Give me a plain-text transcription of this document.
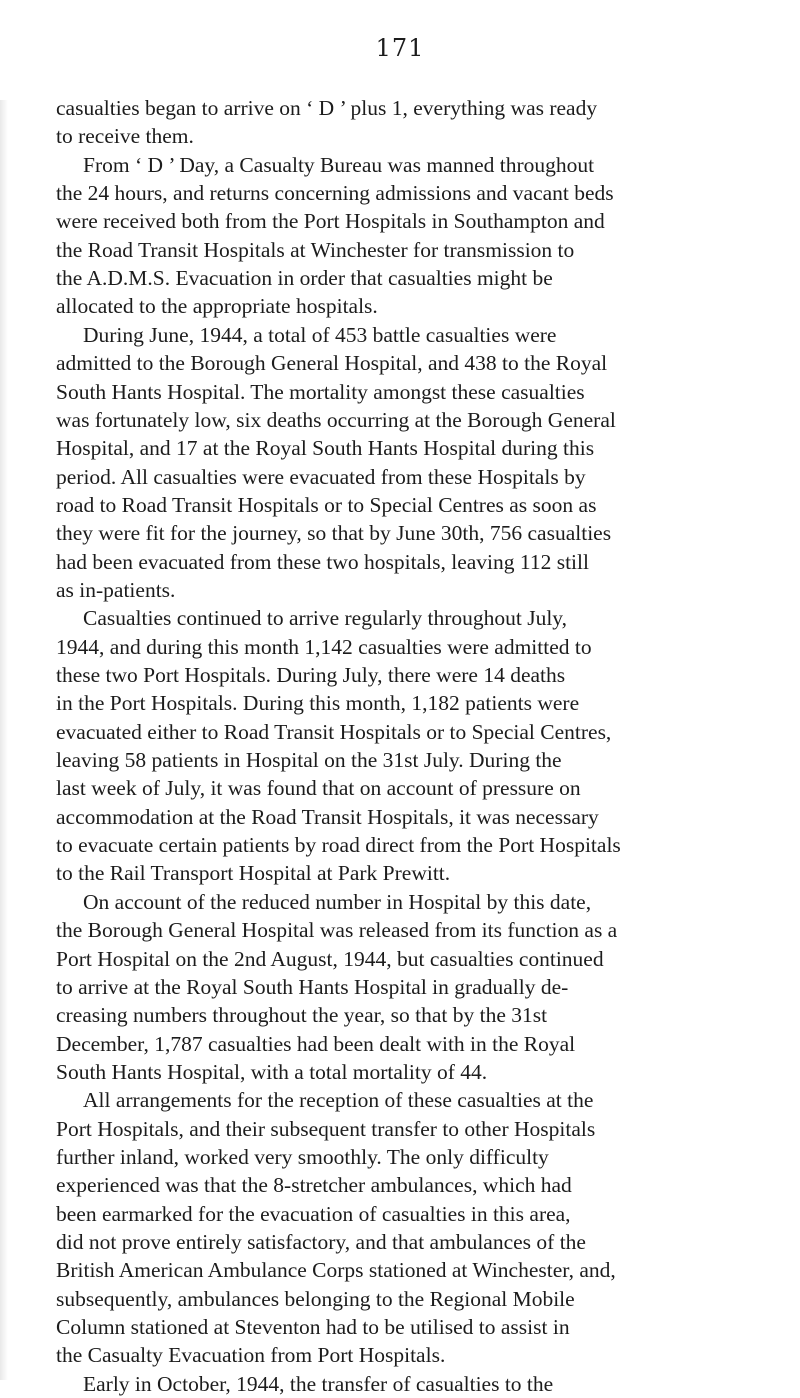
171
casualties began to arrive on ‘ D ’ plus 1, everything was ready
to receive them.
From ‘ D ’ Day, a Casualty Bureau was manned throughout
the 24 hours, and returns concerning admissions and vacant beds
were received both from the Port Hospitals in Southampton and
the Road Transit Hospitals at Winchester for transmission to
the A.D.M.S. Evacuation in order that casualties might be
allocated to the appropriate hospitals.
During June, 1944, a total of 453 battle casualties were
admitted to the Borough General Hospital, and 438 to the Royal
South Hants Hospital. The mortality amongst these casualties
was fortunately low, six deaths occurring at the Borough General
Hospital, and 17 at the Royal South Hants Hospital during this
period. All casualties were evacuated from these Hospitals by
road to Road Transit Hospitals or to Special Centres as soon as
they were fit for the journey, so that by June 30th, 756 casualties
had been evacuated from these two hospitals, leaving 112 still
as in-patients.
Casualties continued to arrive regularly throughout July,
1944, and during this month 1,142 casualties were admitted to
these two Port Hospitals. During July, there were 14 deaths
in the Port Hospitals. During this month, 1,182 patients were
evacuated either to Road Transit Hospitals or to Special Centres,
leaving 58 patients in Hospital on the 31st July. During the
last week of July, it was found that on account of pressure on
accommodation at the Road Transit Hospitals, it was necessary
to evacuate certain patients by road direct from the Port Hospitals
to the Rail Transport Hospital at Park Prewitt.
On account of the reduced number in Hospital by this date,
the Borough General Hospital was released from its function as a
Port Hospital on the 2nd August, 1944, but casualties continued
to arrive at the Royal South Hants Hospital in gradually de-
creasing numbers throughout the year, so that by the 31st
December, 1,787 casualties had been dealt with in the Royal
South Hants Hospital, with a total mortality of 44.
All arrangements for the reception of these casualties at the
Port Hospitals, and their subsequent transfer to other Hospitals
further inland, worked very smoothly. The only difficulty
experienced was that the 8-stretcher ambulances, which had
been earmarked for the evacuation of casualties in this area,
did not prove entirely satisfactory, and that ambulances of the
British American Ambulance Corps stationed at Winchester, and,
subsequently, ambulances belonging to the Regional Mobile
Column stationed at Steventon had to be utilised to assist in
the Casualty Evacuation from Port Hospitals.
Early in October, 1944, the transfer of casualties to the
